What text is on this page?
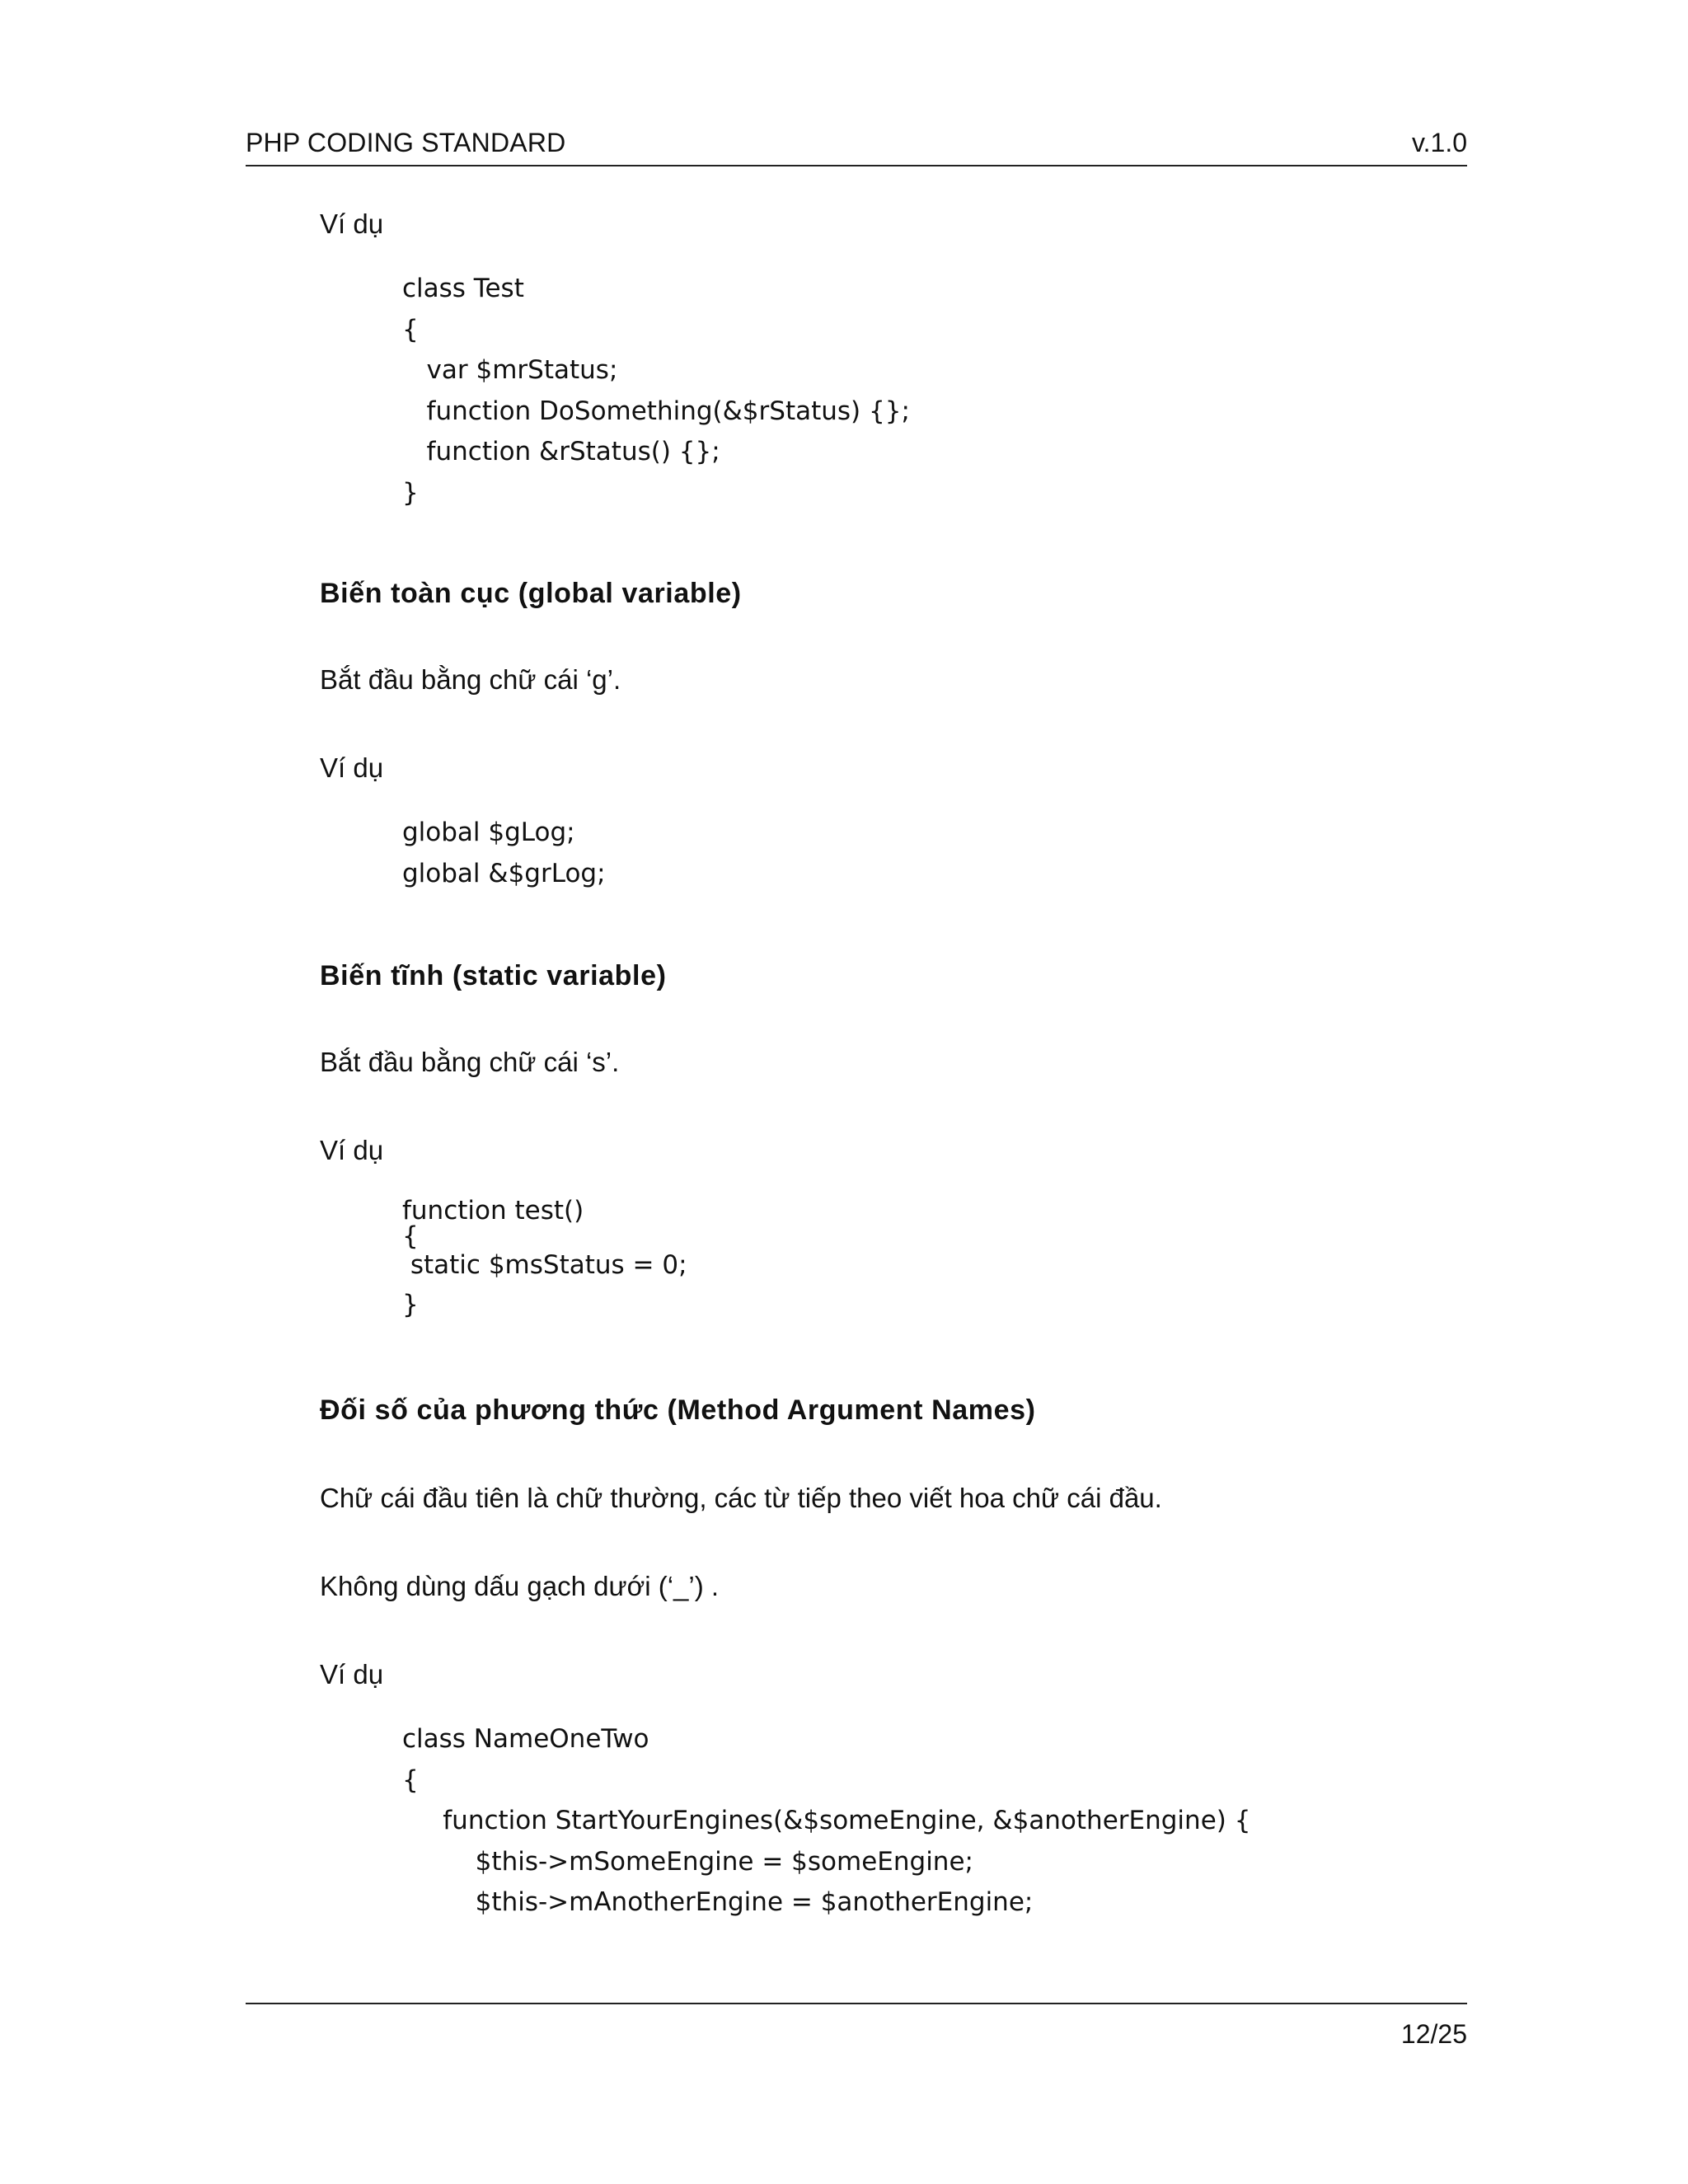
PHP CODING STANDARD	v.1.0
Ví dụ
class Test
{
var $mrStatus;
function DoSomething(&$rStatus) {};
function &rStatus() {};
}
Biến toàn cục (global variable)
Bắt đầu bằng chữ cái ‘g’.
Ví dụ
global $gLog;
global &$grLog;
Biến tĩnh (static variable)
Bắt đầu bằng chữ cái ‘s’.
Ví dụ
function test()
{
static $msStatus = 0;
}
Đối số của phương thức (Method Argument Names)
Chữ cái đầu tiên là chữ thường, các từ tiếp theo viết hoa chữ cái đầu.
Không dùng dấu gạch dưới (‘_’) .
Ví dụ
class NameOneTwo
{
function StartYourEngines(&$someEngine, &$anotherEngine) {
$this->mSomeEngine = $someEngine;
$this->mAnotherEngine = $anotherEngine;
12/25
